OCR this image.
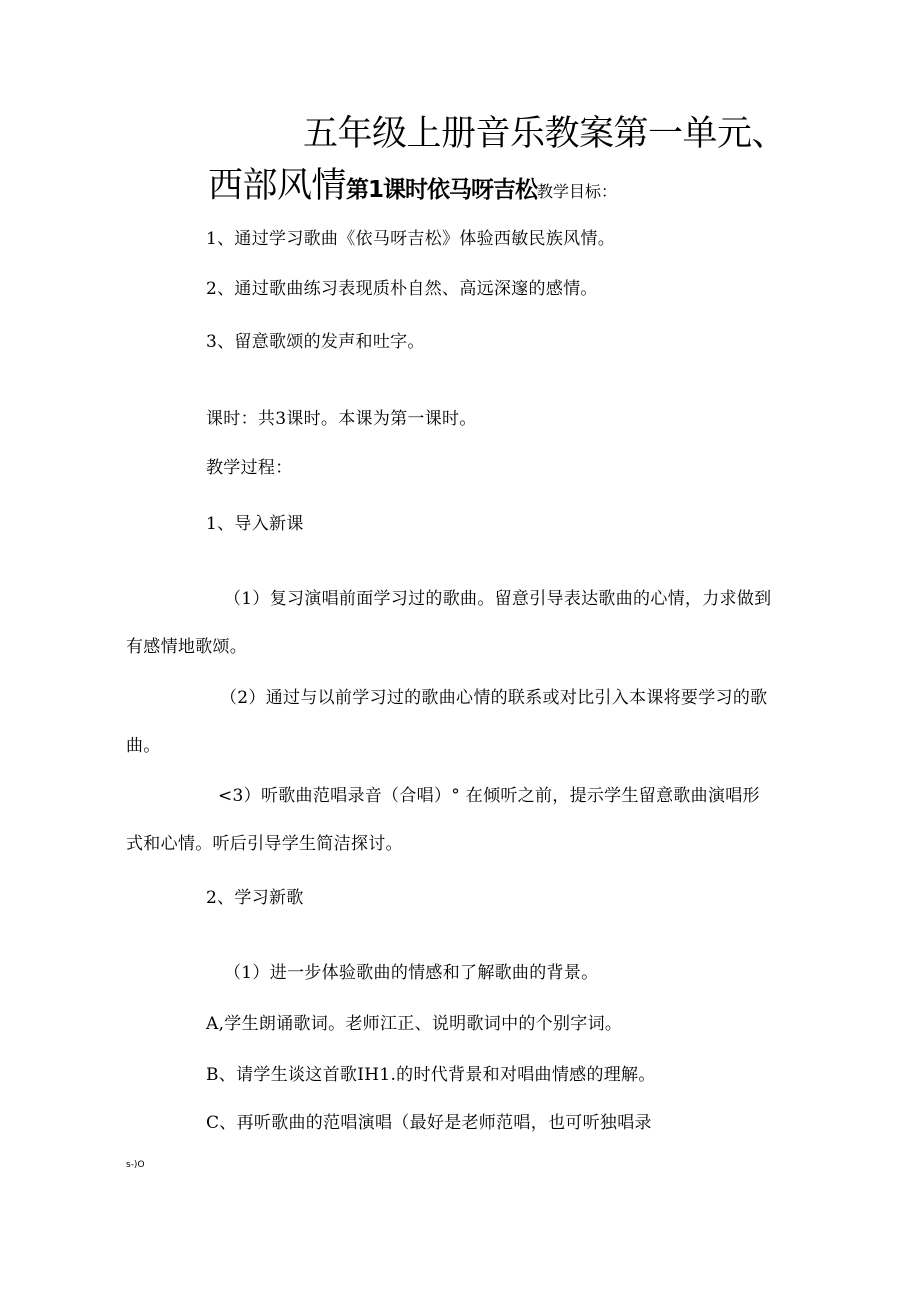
五年级上册音乐教案第一单元、
西部风情第1课时依马呀吉松教学目标：

1、通过学习歌曲《依马呀吉松》体验西敏民族风情。

2、通过歌曲练习表现质朴自然、高远深邃的感情。

3、留意歌颂的发声和吐字。

课时：共3课时。本课为第一课时。

教学过程：

1、导入新课

（1）复习演唱前面学习过的歌曲。留意引导表达歌曲的心情，力求做到

有感情地歌颂。

（2）通过与以前学习过的歌曲心情的联系或对比引入本课将要学习的歌

曲。

<3）听歌曲范唱录音（合唱）° 在倾听之前，提示学生留意歌曲演唱形

式和心情。听后引导学生简洁探讨。

2、学习新歌

（1）进一步体验歌曲的情感和了解歌曲的背景。

A,学生朗诵歌词。老师江正、说明歌词中的个别字词。

B、请学生谈这首歌IH1.的时代背景和对唱曲情感的理解。

C、再听歌曲的范唱演唱（最好是老师范唱，也可听独唱录

s-)O
